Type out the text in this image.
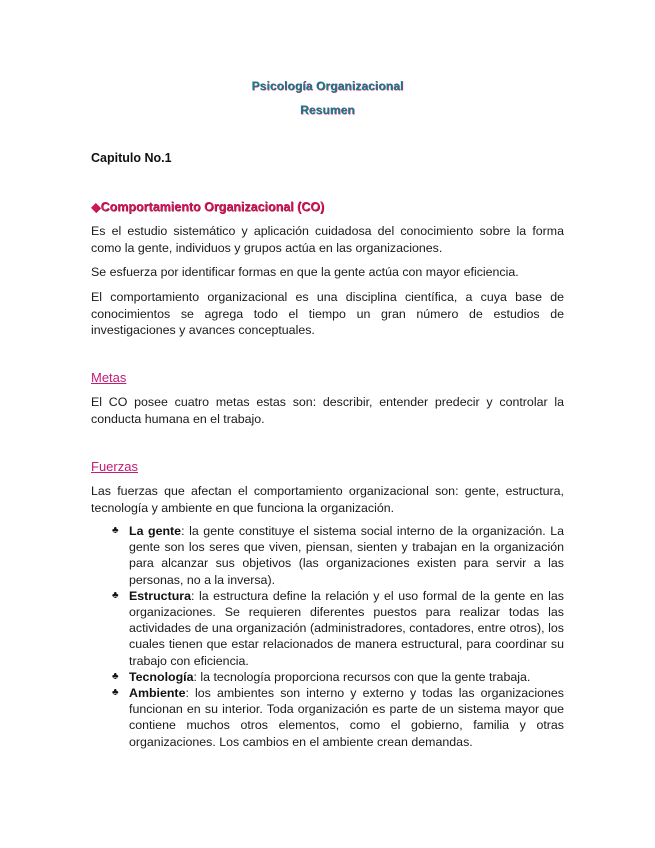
Psicología Organizacional
Resumen
Capitulo No.1
◆Comportamiento Organizacional (CO)
Es el estudio sistemático y aplicación cuidadosa del conocimiento sobre la forma como la gente, individuos y grupos actúa en las organizaciones.
Se esfuerza por identificar formas en que la gente actúa con mayor eficiencia.
El comportamiento organizacional es una disciplina científica, a cuya base de conocimientos se agrega todo el tiempo un gran número de estudios de investigaciones y avances conceptuales.
Metas
El CO posee cuatro metas estas son: describir, entender predecir y controlar la conducta humana en el trabajo.
Fuerzas
Las fuerzas que afectan el comportamiento organizacional son: gente, estructura, tecnología y ambiente en que funciona la organización.
♣ La gente: la gente constituye el sistema social interno de la organización. La gente son los seres que viven, piensan, sienten y trabajan en la organización para alcanzar sus objetivos (las organizaciones existen para servir a las personas, no a la inversa).
♣ Estructura: la estructura define la relación y el uso formal de la gente en las organizaciones. Se requieren diferentes puestos para realizar todas las actividades de una organización (administradores, contadores, entre otros), los cuales tienen que estar relacionados de manera estructural, para coordinar su trabajo con eficiencia.
♣ Tecnología: la tecnología proporciona recursos con que la gente trabaja.
♣ Ambiente: los ambientes son interno y externo y todas las organizaciones funcionan en su interior. Toda organización es parte de un sistema mayor que contiene muchos otros elementos, como el gobierno, familia y otras organizaciones. Los cambios en el ambiente crean demandas.
